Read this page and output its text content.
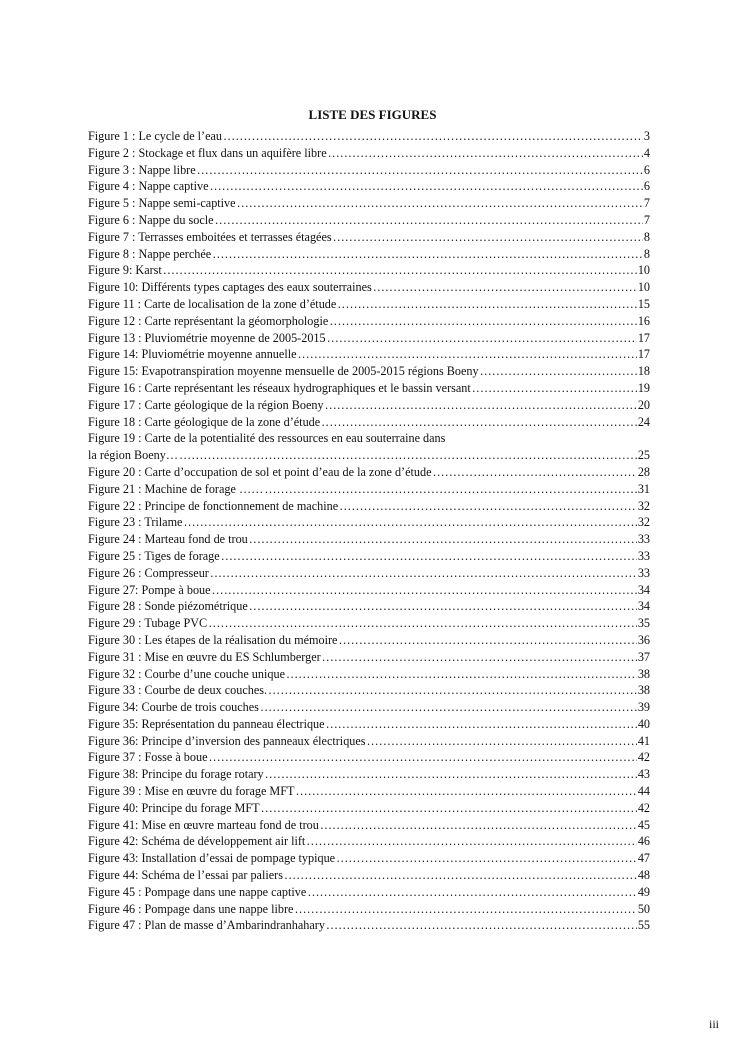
LISTE DES FIGURES
Figure 1 : Le cycle de l’eau ……………………………………………………………………………………………………………………………………………………………………………………………	3
Figure 2 : Stockage et flux dans un aquifère libre ……………………………………………………………………………………………………………………………………………………………………………………………	4
Figure 3 : Nappe libre ……………………………………………………………………………………………………………………………………………………………………………………………	6
Figure 4 : Nappe captive ……………………………………………………………………………………………………………………………………………………………………………………………	6
Figure 5 : Nappe semi-captive ……………………………………………………………………………………………………………………………………………………………………………………………	7
Figure 6 : Nappe du socle ……………………………………………………………………………………………………………………………………………………………………………………………	7
Figure 7 : Terrasses emboitées et terrasses étagées ……………………………………………………………………………………………………………………………………………………………………………………………	8
Figure 8 : Nappe perchée ……………………………………………………………………………………………………………………………………………………………………………………………	8
Figure 9: Karst ……………………………………………………………………………………………………………………………………………………………………………………………	10
Figure 10: Différents types captages des eaux souterraines ……………………………………………………………………………………………………………………………………………………………………………………………	10
Figure 11 : Carte de localisation de la zone d’étude ……………………………………………………………………………………………………………………………………………………………………………………………	15
Figure 12 : Carte représentant la géomorphologie ……………………………………………………………………………………………………………………………………………………………………………………………	16
Figure 13 : Pluviométrie moyenne de 2005-2015 ……………………………………………………………………………………………………………………………………………………………………………………………	17
Figure 14: Pluviométrie moyenne annuelle ……………………………………………………………………………………………………………………………………………………………………………………………	17
Figure 15: Evapotranspiration moyenne mensuelle de 2005-2015 régions Boeny ……………………………………………………………………………………………………………………………………………………………………………………………	18
Figure 16 : Carte représentant les réseaux hydrographiques et le bassin versant ……………………………………………………………………………………………………………………………………………………………………………………………	19
Figure 17 : Carte géologique de la région Boeny ……………………………………………………………………………………………………………………………………………………………………………………………	20
Figure 18 : Carte géologique de la zone d’étude ……………………………………………………………………………………………………………………………………………………………………………………………	24
Figure 19 : Carte de la potentialité des ressources en eau souterraine dans
la région Boeny… ……………………………………………………………………………………………………………………………………………………………………………………………	25
Figure 20 : Carte d’occupation de sol et point d’eau de la zone d’étude ……………………………………………………………………………………………………………………………………………………………………………………………	28
Figure 21 : Machine de forage …… ……………………………………………………………………………………………………………………………………………………………………………………………	31
Figure 22 : Principe de fonctionnement de machine ……………………………………………………………………………………………………………………………………………………………………………………………	32
Figure 23 : Trilame ……………………………………………………………………………………………………………………………………………………………………………………………	32
Figure 24 : Marteau fond de trou ……………………………………………………………………………………………………………………………………………………………………………………………	33
Figure 25 : Tiges de forage ……………………………………………………………………………………………………………………………………………………………………………………………	33
Figure 26 : Compresseur ……………………………………………………………………………………………………………………………………………………………………………………………	33
Figure 27: Pompe à boue ……………………………………………………………………………………………………………………………………………………………………………………………	34
Figure 28 : Sonde piézométrique ……………………………………………………………………………………………………………………………………………………………………………………………	34
Figure 29 : Tubage PVC ……………………………………………………………………………………………………………………………………………………………………………………………	35
Figure 30 : Les étapes de la réalisation du mémoire ……………………………………………………………………………………………………………………………………………………………………………………………	36
Figure 31 : Mise en œuvre du ES Schlumberger ……………………………………………………………………………………………………………………………………………………………………………………………	37
Figure 32 : Courbe d’une couche unique ……………………………………………………………………………………………………………………………………………………………………………………………	38
Figure 33 : Courbe de deux couches. ……………………………………………………………………………………………………………………………………………………………………………………………	38
Figure 34: Courbe de trois couches ……………………………………………………………………………………………………………………………………………………………………………………………	39
Figure 35: Représentation du panneau électrique ……………………………………………………………………………………………………………………………………………………………………………………………	40
Figure 36: Principe d’inversion des panneaux électriques ……………………………………………………………………………………………………………………………………………………………………………………………	41
Figure 37 : Fosse à boue ……………………………………………………………………………………………………………………………………………………………………………………………	42
Figure 38: Principe du forage rotary ……………………………………………………………………………………………………………………………………………………………………………………………	43
Figure 39 : Mise en œuvre du forage MFT ……………………………………………………………………………………………………………………………………………………………………………………………	44
Figure 40: Principe du forage MFT ……………………………………………………………………………………………………………………………………………………………………………………………	42
Figure 41: Mise en œuvre marteau fond de trou ……………………………………………………………………………………………………………………………………………………………………………………………	45
Figure 42: Schéma de développement air lift ……………………………………………………………………………………………………………………………………………………………………………………………	46
Figure 43: Installation d’essai de pompage typique ……………………………………………………………………………………………………………………………………………………………………………………………	47
Figure 44: Schéma de l’essai par paliers ……………………………………………………………………………………………………………………………………………………………………………………………	48
Figure 45 : Pompage dans une nappe captive ……………………………………………………………………………………………………………………………………………………………………………………………	49
Figure 46 : Pompage dans une nappe libre ……………………………………………………………………………………………………………………………………………………………………………………………	50
Figure 47 : Plan de masse d’Ambarindranhahary ……………………………………………………………………………………………………………………………………………………………………………………………	55
iii
